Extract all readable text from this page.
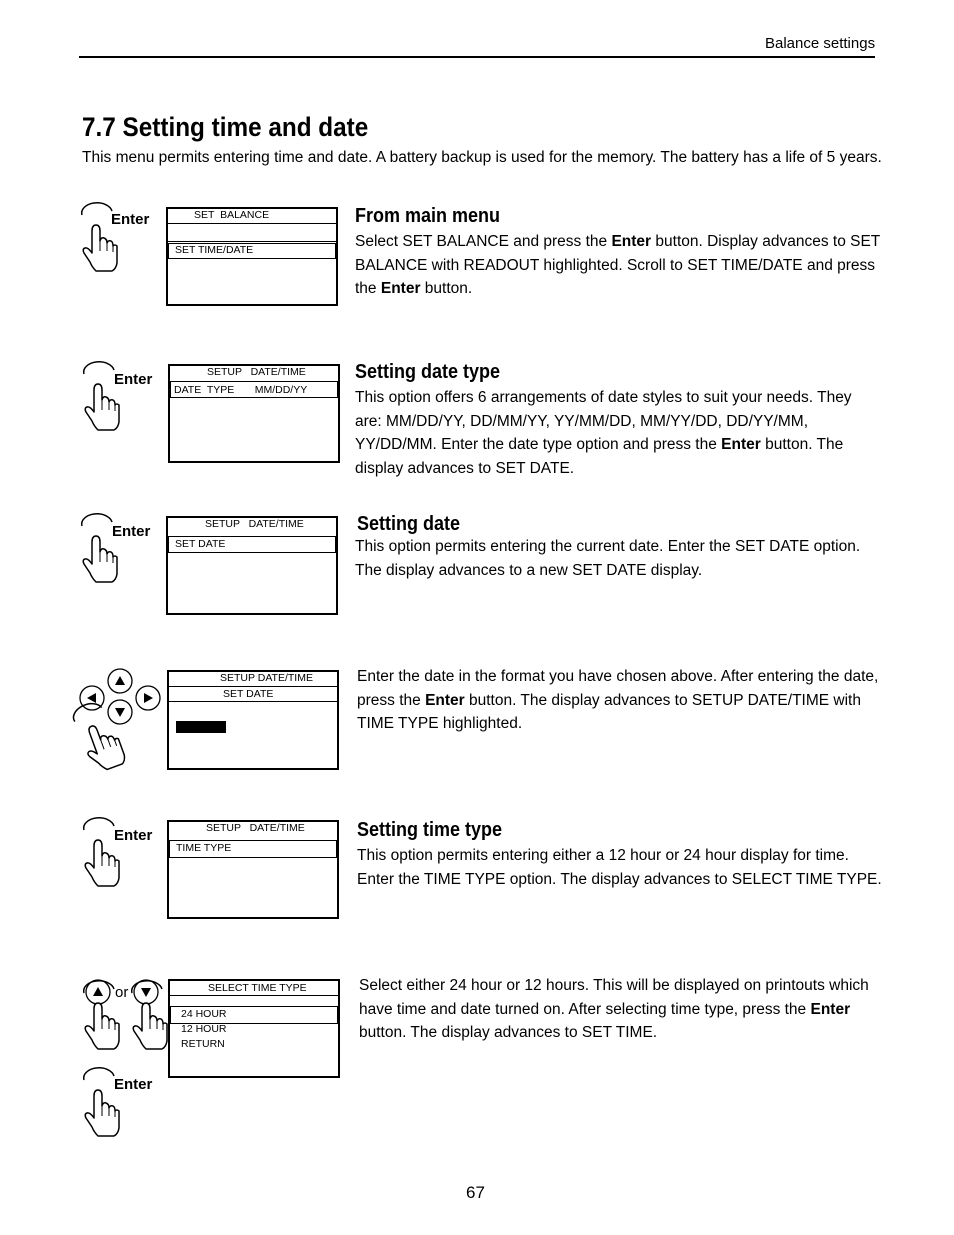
Balance settings
7.7 Setting time and date
This menu permits entering time and date. A battery backup is used for the memory. The battery has a life of 5 years.
Enter	SET  BALANCE
SET TIME/DATE
From main menu
Select SET BALANCE and press the Enter button. Display advances to SET BALANCE with READOUT highlighted. Scroll to SET TIME/DATE and press the Enter button.
Enter	SETUP   DATE/TIME
DATE  TYPE       MM/DD/YY
Setting date type
This option offers 6 arrangements of date styles to suit your needs. They are: MM/DD/YY, DD/MM/YY, YY/MM/DD, MM/YY/DD, DD/YY/MM, YY/DD/MM. Enter the date type option and press the Enter button. The display advances to SET DATE.
Enter	SETUP   DATE/TIME
SET DATE
Setting date
This option permits entering the current date. Enter the SET DATE option. The display advances to a new SET DATE display.
SETUP DATE/TIME
SET DATE
Enter the date in the format you have chosen above. After entering the date, press the Enter button. The display advances to SETUP DATE/TIME with TIME TYPE highlighted.
Enter	SETUP   DATE/TIME
TIME TYPE
Setting time type
This option permits entering either a 12 hour or 24 hour display for time. Enter the TIME TYPE option. The display advances to SELECT TIME TYPE.
or
Enter
SELECT TIME TYPE
24 HOUR
12 HOUR
RETURN
Select either 24 hour or 12 hours. This will be displayed on printouts which have time and date turned on. After selecting time type, press the Enter button. The display advances to SET TIME.
67
